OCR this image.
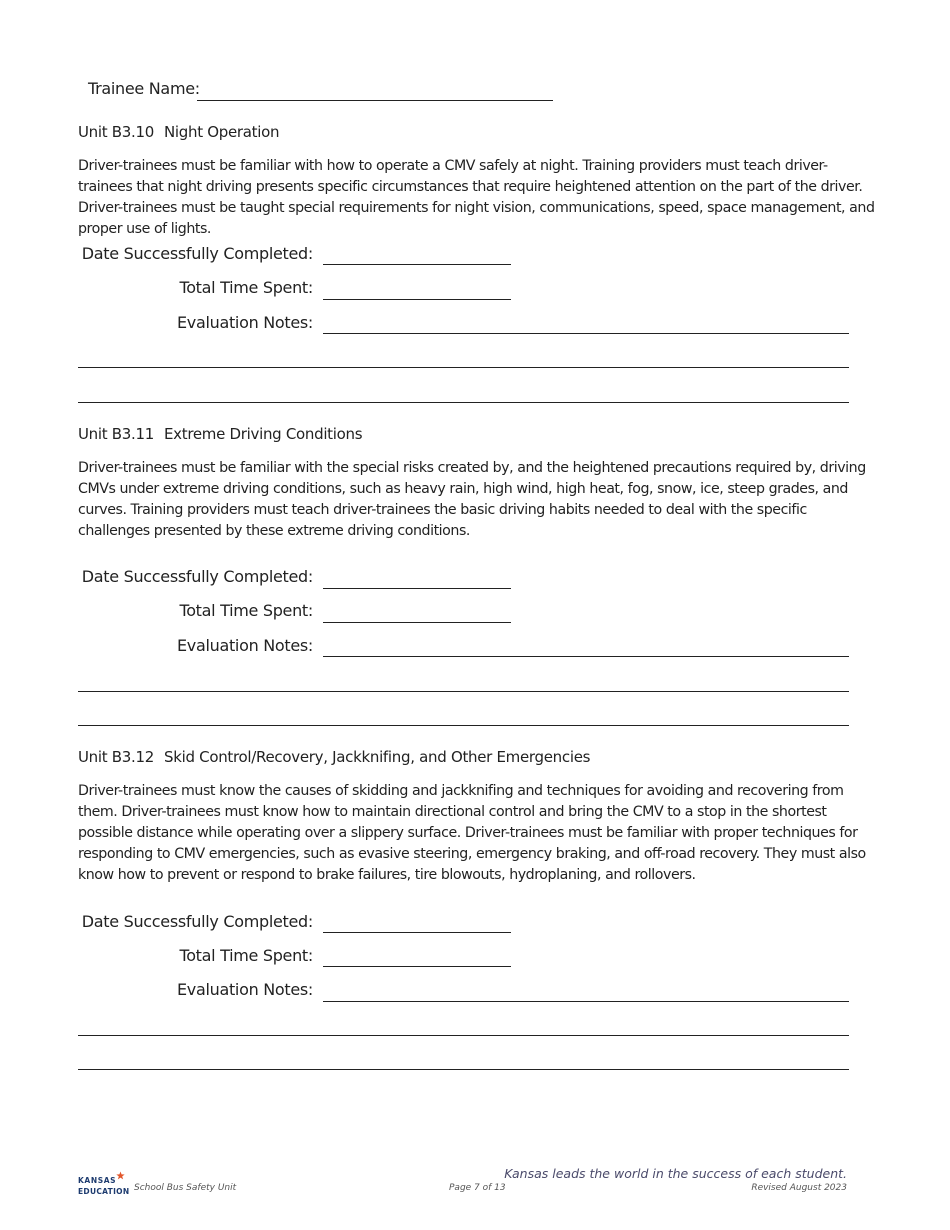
Trainee Name:
Unit B3.10 Night Operation
Driver-trainees must be familiar with how to operate a CMV safely at night. Training providers must teach driver-trainees that night driving presents specific circumstances that require heightened attention on the part of the driver. Driver-trainees must be taught special requirements for night vision, communications, speed, space management, and proper use of lights.
Date Successfully Completed:
Total Time Spent:
Evaluation Notes:
Unit B3.11 Extreme Driving Conditions
Driver-trainees must be familiar with the special risks created by, and the heightened precautions required by, driving CMVs under extreme driving conditions, such as heavy rain, high wind, high heat, fog, snow, ice, steep grades, and curves. Training providers must teach driver-trainees the basic driving habits needed to deal with the specific challenges presented by these extreme driving conditions.
Date Successfully Completed:
Total Time Spent:
Evaluation Notes:
Unit B3.12 Skid Control/Recovery, Jackknifing, and Other Emergencies
Driver-trainees must know the causes of skidding and jackknifing and techniques for avoiding and recovering from them. Driver-trainees must know how to maintain directional control and bring the CMV to a stop in the shortest possible distance while operating over a slippery surface. Driver-trainees must be familiar with proper techniques for responding to CMV emergencies, such as evasive steering, emergency braking, and off-road recovery. They must also know how to prevent or respond to brake failures, tire blowouts, hydroplaning, and rollovers.
Date Successfully Completed:
Total Time Spent:
Evaluation Notes:
KANSAS
EDUCATION School Bus Safety Unit	Page 7 of 13
Kansas leads the world in the success of each student.
Revised August 2023
